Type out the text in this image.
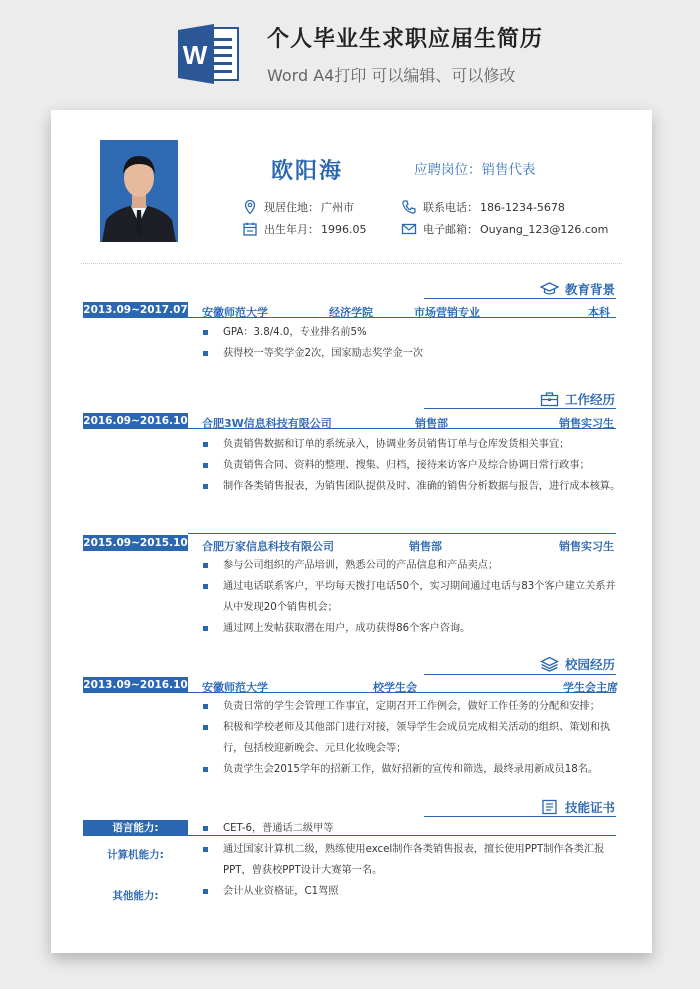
W
个人毕业生求职应届生简历
Word A4打印 可以编辑、可以修改
欧阳海	应聘岗位：销售代表
现居住地： 广州市
出生年月： 1996.05
联系电话： 186-1234-5678
电子邮箱： Ouyang_123@126.com
教育背景
2013.09~2017.07 安徽师范大学	经济学院	市场营销专业	本科
GPA：3.8/4.0，专业排名前5%
获得校一等奖学金2次，国家励志奖学金一次
工作经历
2016.09~2016.10 合肥3W信息科技有限公司	销售部	销售实习生
负责销售数据和订单的系统录入，协调业务员销售订单与仓库发货相关事宜；
负责销售合同、资料的整理、搜集、归档，接待来访客户及综合协调日常行政事；
制作各类销售报表，为销售团队提供及时、准确的销售分析数据与报告，进行成本核算。
2015.09~2015.10 合肥万家信息科技有限公司	销售部	销售实习生
参与公司组织的产品培训，熟悉公司的产品信息和产品卖点；
通过电话联系客户，平均每天拨打电话50个，实习期间通过电话与83个客户建立关系并从中发现20个销售机会；
通过网上发帖获取潜在用户，成功获得86个客户咨询。
校园经历
2013.09~2016.10 安徽师范大学	校学生会	学生会主席
负责日常的学生会管理工作事宜，定期召开工作例会，做好工作任务的分配和安排；
积极和学校老师及其他部门进行对接，领导学生会成员完成相关活动的组织、策划和执行，包括校迎新晚会、元旦化妆晚会等；
负责学生会2015学年的招新工作，做好招新的宣传和筛选，最终录用新成员18名。
技能证书
语言能力:	CET-6，普通话二级甲等
计算机能力:	通过国家计算机二级，熟练使用excel制作各类销售报表，擅长使用PPT制作各类汇报PPT，曾获校PPT设计大赛第一名。
其他能力:	会计从业资格证，C1驾照
